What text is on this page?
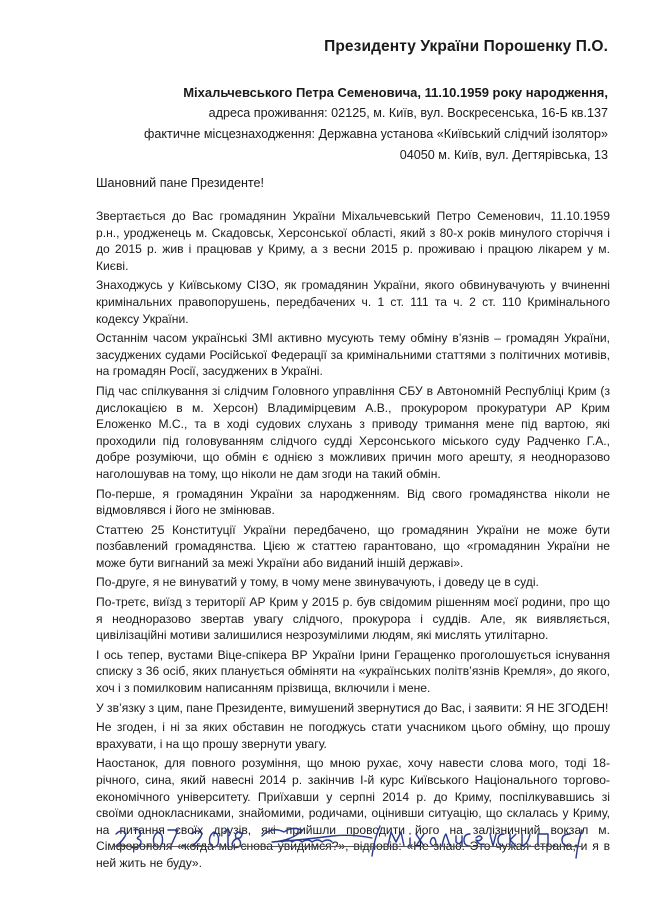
Президенту України Порошенку П.О.
Міхальчевського Петра Семеновича, 11.10.1959 року народження,
адреса проживання: 02125, м. Київ, вул. Воскресенська, 16-Б кв.137
фактичне місцезнаходження: Державна установа «Київський слідчий ізолятор»
04050 м. Київ, вул. Дегтярівська, 13
Шановний пане Президенте!

Звертається до Вас громадянин України Міхальчевський Петро Семенович, 11.10.1959 р.н., уродженець м. Скадовськ, Херсонської області, який з 80-х років минулого сторіччя і до 2015 р. жив і працював у Криму, а з весни 2015 р. проживаю і працюю лікарем у м. Києві.

Знаходжусь у Київському СІЗО, як громадянин України, якого обвинувачують у вчиненні кримінальних правопорушень, передбачених ч. 1 ст. 111 та ч. 2 ст. 110 Кримінального кодексу України.

Останнім часом українські ЗМІ активно мусують тему обміну в’язнів – громадян України, засуджених судами Російської Федерації за кримінальними статтями з політичних мотивів, на громадян Росії, засуджених в Україні.

Під час спілкування зі слідчим Головного управління СБУ в Автономній Республіці Крим (з дислокацією в м. Херсон) Владимірцевим А.В., прокурором прокуратури АР Крим Еложенко М.С., та в ході судових слухань з приводу тримання мене під вартою, які проходили під головуванням слідчого судді Херсонського міського суду Радченко Г.А., добре розуміючи, що обмін є однією з можливих причин мого арешту, я неодноразово наголошував на тому, що ніколи не дам згоди на такий обмін.

По-перше, я громадянин України за народженням. Від свого громадянства ніколи не відмовлявся і його не змінював.

Статтею 25 Конституції України передбачено, що громадянин України не може бути позбавлений громадянства. Цією ж статтею гарантовано, що «громадянин України не може бути вигнаний за межі України або виданий іншій державі».

По-друге, я не винуватий у тому, в чому мене звинувачують, і доведу це в суді.

По-третє, виїзд з території АР Крим у 2015 р. був свідомим рішенням моєї родини, про що я неодноразово звертав увагу слідчого, прокурора і суддів. Але, як виявляється, цивілізаційні мотиви залишилися незрозумілими людям, які мислять утилітарно.

І ось тепер, вустами Віце-спікера ВР України Ірини Геращенко проголошується існування списку з 36 осіб, яких планується обміняти на «українських політв’язнів Кремля», до якого, хоч і з помилковим написанням прізвища, включили і мене.

У зв’язку з цим, пане Президенте, вимушений звернутися до Вас, і заявити: Я НЕ ЗГОДЕН!

Не згоден, і ні за яких обставин не погоджусь стати учасником цього обміну, що прошу врахувати, і на що прошу звернути увагу.

Наостанок, для повного розуміння, що мною рухає, хочу навести слова мого, тоді 18-річного, сина, який навесні 2014 р. закінчив І-й курс Київського Національного торгово-економічного університету. Приїхавши у серпні 2014 р. до Криму, поспілкувавшись зі своїми однокласниками, знайомими, родичами, оцінивши ситуацію, що склалась у Криму, на питання своїх друзів, які прийшли проводити його на залізничний вокзал м. Сімферополя «когда мы снова увидимся?», відповів: «Не знаю. Это чужая страна, и я в ней жить не буду».
